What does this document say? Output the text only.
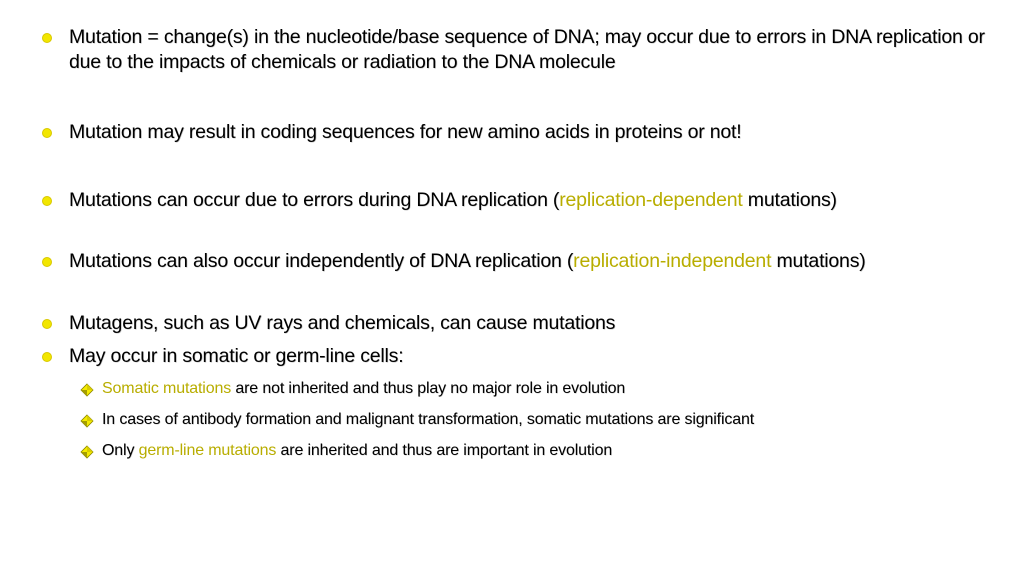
Mutation = change(s) in the nucleotide/base sequence of DNA; may occur due to errors in DNA replication or due to the impacts of chemicals or radiation to the DNA molecule
Mutation may result in coding sequences for new amino acids in proteins or not!
Mutations can occur due to errors during DNA replication (replication-dependent mutations)
Mutations can also occur independently of DNA replication (replication-independent mutations)
Mutagens, such as UV rays and chemicals, can cause mutations
May occur in somatic or germ-line cells:
Somatic mutations are not inherited and thus play no major role in evolution
In cases of antibody formation and malignant transformation, somatic mutations are significant
Only germ-line mutations are inherited and thus are important in evolution
